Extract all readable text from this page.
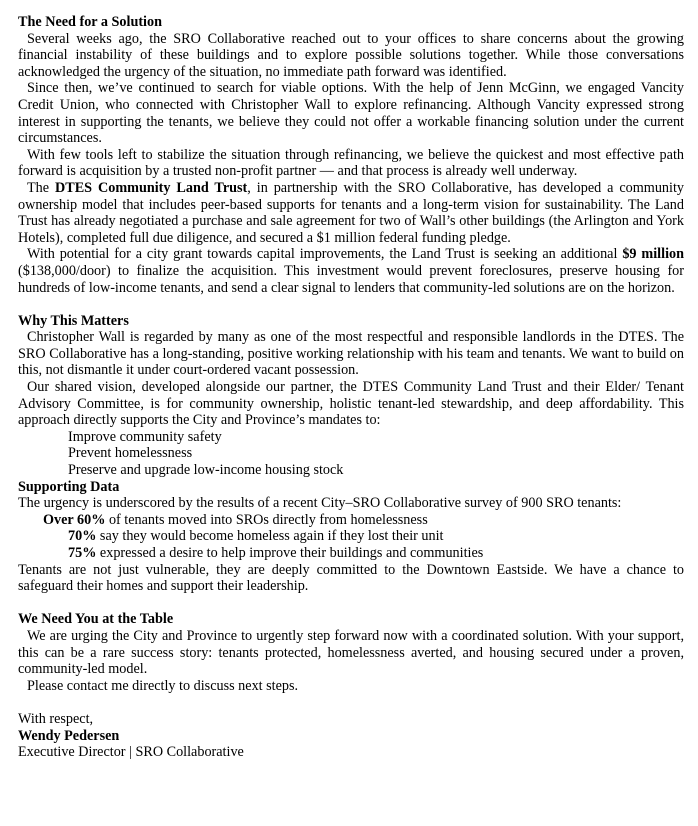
The Need for a Solution

Several weeks ago, the SRO Collaborative reached out to your offices to share concerns about the growing financial instability of these buildings and to explore possible solutions together. While those conversations acknowledged the urgency of the situation, no immediate path forward was identified.

Since then, we’ve continued to search for viable options. With the help of Jenn McGinn, we engaged Vancity Credit Union, who connected with Christopher Wall to explore refinancing. Although Vancity expressed strong interest in supporting the tenants, we believe they could not offer a workable financing solution under the current circumstances.

With few tools left to stabilize the situation through refinancing, we believe the quickest and most effective path forward is acquisition by a trusted non-profit partner — and that process is already well underway.

The DTES Community Land Trust, in partnership with the SRO Collaborative, has developed a community ownership model that includes peer-based supports for tenants and a long-term vision for sustainability. The Land Trust has already negotiated a purchase and sale agreement for two of Wall’s other buildings (the Arlington and York Hotels), completed full due diligence, and secured a $1 million federal funding pledge.

With potential for a city grant towards capital improvements, the Land Trust is seeking an additional $9 million ($138,000/door) to finalize the acquisition. This investment would prevent foreclosures, preserve housing for hundreds of low-income tenants, and send a clear signal to lenders that community-led solutions are on the horizon.

Why This Matters

Christopher Wall is regarded by many as one of the most respectful and responsible landlords in the DTES. The SRO Collaborative has a long-standing, positive working relationship with his team and tenants. We want to build on this, not dismantle it under court-ordered vacant possession.

Our shared vision, developed alongside our partner, the DTES Community Land Trust and their Elder/ Tenant Advisory Committee, is for community ownership, holistic tenant-led stewardship, and deep affordability. This approach directly supports the City and Province’s mandates to:

Improve community safety
Prevent homelessness
Preserve and upgrade low-income housing stock
Supporting Data
The urgency is underscored by the results of a recent City–SRO Collaborative survey of 900 SRO tenants:
Over 60% of tenants moved into SROs directly from homelessness
70% say they would become homeless again if they lost their unit
75% expressed a desire to help improve their buildings and communities

Tenants are not just vulnerable, they are deeply committed to the Downtown Eastside. We have a chance to safeguard their homes and support their leadership.

We Need You at the Table

We are urging the City and Province to urgently step forward now with a coordinated solution. With your support, this can be a rare success story: tenants protected, homelessness averted, and housing secured under a proven, community-led model.

Please contact me directly to discuss next steps.

With respect,
Wendy Pedersen
Executive Director | SRO Collaborative
